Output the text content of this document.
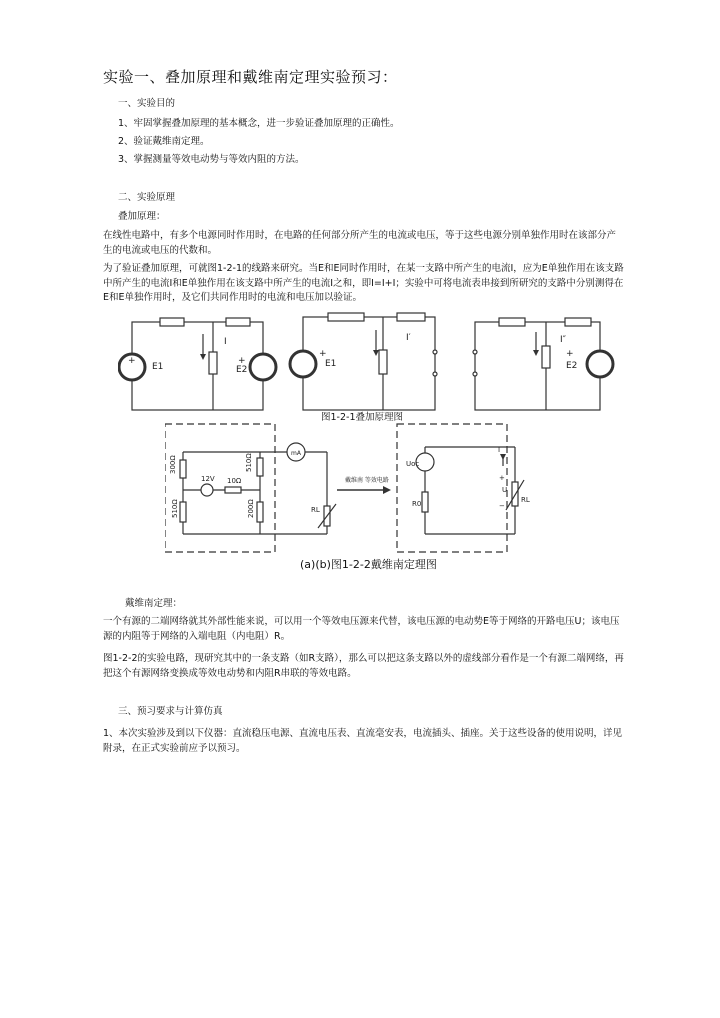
实验一、叠加原理和戴维南定理实验预习：
一、实验目的
1、牢固掌握叠加原理的基本概念，进一步验证叠加原理的正确性。
2、验证戴维南定理。
3、掌握测量等效电动势与等效内阻的方法。
二、实验原理
叠加原理：
在线性电路中，有多个电源同时作用时，在电路的任何部分所产生的电流或电压，等于这些电源分别单独作用时在该部分产生的电流或电压的代数和。
为了验证叠加原理，可就图1-2-1的线路来研究。当E和E同时作用时，在某一支路中所产生的电流I，应为E单独作用在该支路中所产生的电流I和E单独作用在该支路中所产生的电流I之和，即I=I+I；实验中可将电流表串接到所研究的支路中分别测得在E和E单独作用时，及它们共同作用时的电流和电压加以验证。
+
E1
+
E2
I
+
E1
I′
+
E2
I″
图1-2-1叠加原理图
300Ω	510Ω
12V 10Ω
510Ω	200Ω
mA
RL
戴维南 等效电路
Uoc
R0
I
+
U
−
RL
(a)(b)图1-2-2戴维南定理图
戴维南定理：
一个有源的二端网络就其外部性能来说，可以用一个等效电压源来代替，该电压源的电动势E等于网络的开路电压U；该电压源的内阻等于网络的入端电阻（内电阻）R。
图1-2-2的实验电路，现研究其中的一条支路（如R支路），那么可以把这条支路以外的虚线部分看作是一个有源二端网络，再把这个有源网络变换成等效电动势和内阻R串联的等效电路。
三、预习要求与计算仿真
1、本次实验涉及到以下仪器：直流稳压电源、直流电压表、直流毫安表，电流插头、插座。关于这些设备的使用说明，详见附录，在正式实验前应予以预习。
